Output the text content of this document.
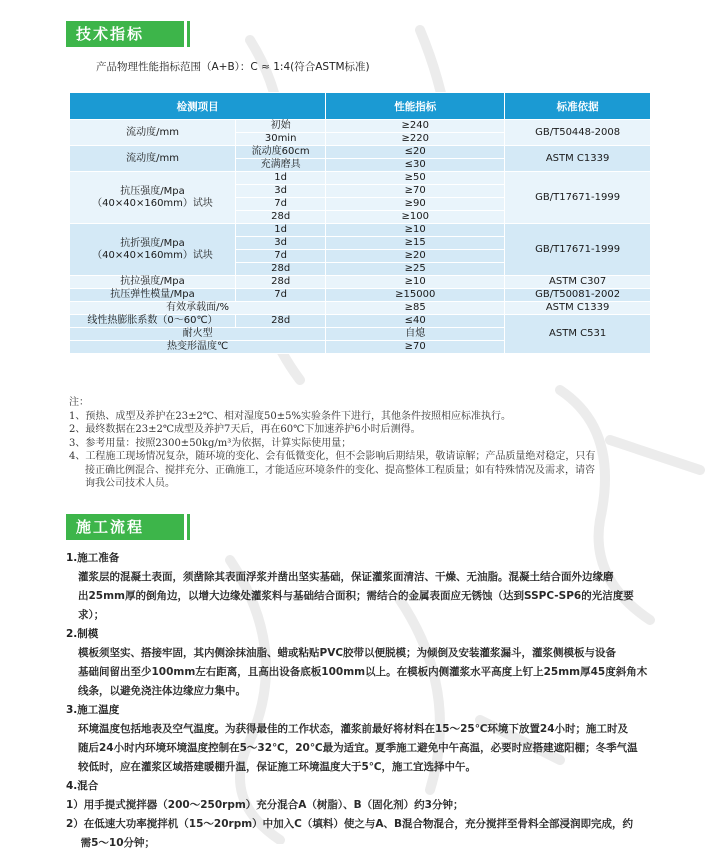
技术指标
产品物理性能指标范围（A+B）：C ≈ 1:4(符合ASTM标准)
检测项目		性能指标	标准依据
流动度/mm	初始	≥240	GB/T50448-2008
	30min	≥220	
流动度/mm	流动度60cm	≤20	ASTM C1339
	充满磨具	≤30	
抗压强度/Mpa
（40×40×160mm）试块	1d	≥50	GB/T17671-1999
	3d	≥70	
	7d	≥90	
	28d	≥100	
抗折强度/Mpa
（40×40×160mm）试块	1d	≥10	GB/T17671-1999
	3d	≥15	
	7d	≥20	
	28d	≥25	
抗拉强度/Mpa	28d	≥10	ASTM C307
抗压弹性模量/Mpa	7d	≥15000	GB/T50081-2002
有效承载面/%		≥85	ASTM C1339
线性热膨胀系数（0～60℃）	28d	≤40	ASTM C531
耐火型		自熄	
热变形温度℃		≥70	
注：
1、预热、成型及养护在23±2℃、相对湿度50±5%实验条件下进行，其他条件按照相应标准执行。
2、最终数据在23±2℃成型及养护7天后，再在60℃下加速养护6小时后测得。
3、参考用量：按照2300±50kg/m³为依据，计算实际使用量；
4、工程施工现场情况复杂，随环境的变化、会有低微变化，但不会影响后期结果，敬请谅解；产品质量绝对稳定，只有
接正确比例混合、搅拌充分、正确施工，才能适应环境条件的变化、提高整体工程质量；如有特殊情况及需求，请咨
询我公司技术人员。
施工流程
1.施工准备
灌浆层的混凝土表面，须凿除其表面浮浆并凿出坚实基础，保证灌浆面清洁、干燥、无油脂。混凝土结合面外边缘磨
出25mm厚的倒角边，以增大边缘处灌浆料与基础结合面积；需结合的金属表面应无锈蚀（达到SSPC-SP6的光洁度要
求）；
2.制模
模板须坚实、搭接牢固，其内侧涂抹油脂、蜡或粘贴PVC胶带以便脱模；为倾倒及安装灌浆漏斗，灌浆侧模板与设备
基础间留出至少100mm左右距离，且高出设备底板100mm以上。在模板内侧灌浆水平高度上钉上25mm厚45度斜角木
线条，以避免浇注体边缘应力集中。
3.施工温度
环境温度包括地表及空气温度。为获得最佳的工作状态，灌浆前最好将材料在15～25℃环境下放置24小时；施工时及
随后24小时内环境环境温度控制在5～32℃，20℃最为适宜。夏季施工避免中午高温，必要时应搭建遮阳棚；冬季气温
较低时，应在灌浆区域搭建暖棚升温，保证施工环境温度大于5℃，施工宜选择中午。
4.混合
1）用手提式搅拌器（200～250rpm）充分混合A（树脂）、B（固化剂）约3分钟；
2）在低速大功率搅拌机（15～20rpm）中加入C（填料）使之与A、B混合物混合，充分搅拌至骨料全部浸润即完成，约
需5～10分钟；
